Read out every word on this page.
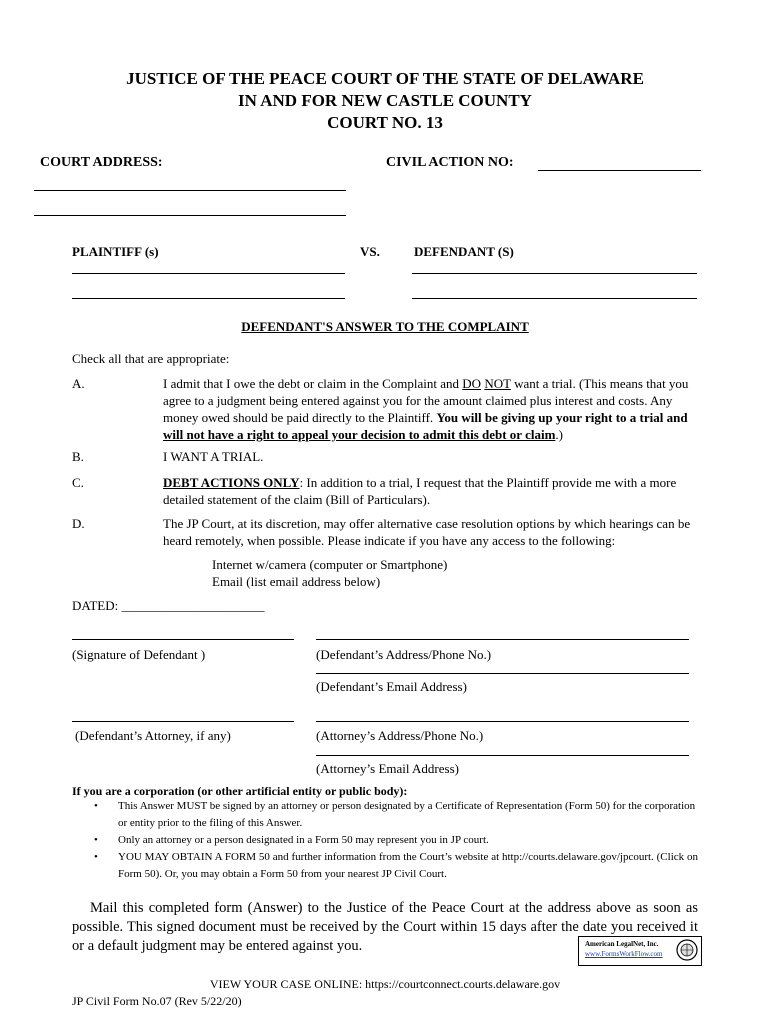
JUSTICE OF THE PEACE COURT OF THE STATE OF DELAWARE
IN AND FOR NEW CASTLE COUNTY
COURT NO. 13
COURT ADDRESS:	CIVIL ACTION NO:
PLAINTIFF (s)	VS.	DEFENDANT (S)
DEFENDANT'S ANSWER TO THE COMPLAINT
Check all that are appropriate:
A.	I admit that I owe the debt or claim in the Complaint and DO NOT want a trial. (This means that you agree to a judgment being entered against you for the amount claimed plus interest and costs. Any money owed should be paid directly to the Plaintiff. You will be giving up your right to a trial and will not have a right to appeal your decision to admit this debt or claim.)
B.	I WANT A TRIAL.
C.	DEBT ACTIONS ONLY: In addition to a trial, I request that the Plaintiff provide me with a more detailed statement of the claim (Bill of Particulars).
D.	The JP Court, at its discretion, may offer alternative case resolution options by which hearings can be heard remotely, when possible. Please indicate if you have any access to the following:
Internet w/camera (computer or Smartphone)
Email (list email address below)
DATED: ______________________
(Signature of Defendant )	(Defendant’s Address/Phone No.)
(Defendant’s Email Address)
(Defendant’s Attorney, if any)	(Attorney’s Address/Phone No.)
(Attorney’s Email Address)
If you are a corporation (or other artificial entity or public body):
• This Answer MUST be signed by an attorney or person designated by a Certificate of Representation (Form 50) for the corporation or entity prior to the filing of this Answer.
• Only an attorney or a person designated in a Form 50 may represent you in JP court.
• YOU MAY OBTAIN A FORM 50 and further information from the Court’s website at http://courts.delaware.gov/jpcourt. (Click on Form 50). Or, you may obtain a Form 50 from your nearest JP Civil Court.
Mail this completed form (Answer) to the Justice of the Peace Court at the address above as soon as possible. This signed document must be received by the Court within 15 days after the date you received it or a default judgment may be entered against you.	American LegalNet, Inc.
www.FormsWorkFlow.com
VIEW YOUR CASE ONLINE: https://courtconnect.courts.delaware.gov
JP Civil Form No.07 (Rev 5/22/20)
